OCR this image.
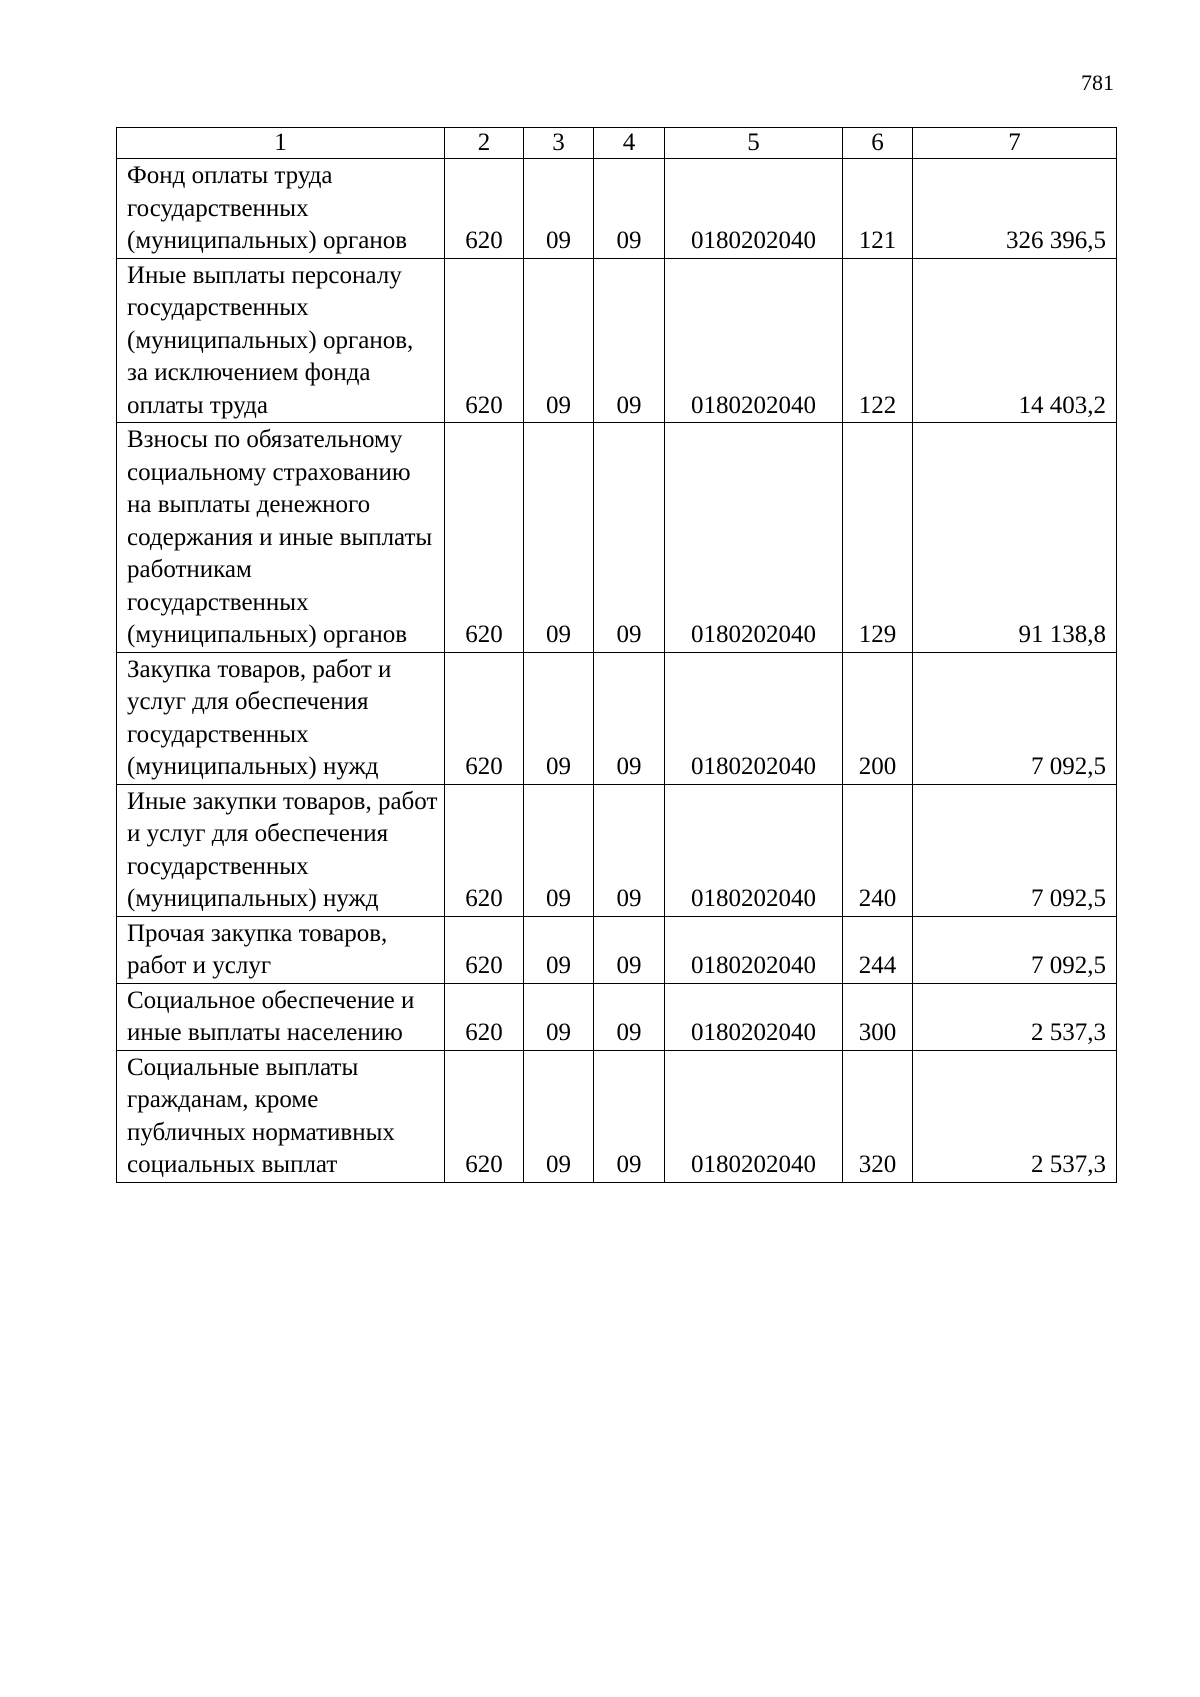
781
1	2	3	4	5	6	7
Фонд оплаты труда государственных (муниципальных) органов	620	09	09	0180202040	121	326 396,5
Иные выплаты персоналу государственных (муниципальных) органов, за исключением фонда оплаты труда	620	09	09	0180202040	122	14 403,2
Взносы по обязательному социальному страхованию на выплаты денежного содержания и иные выплаты работникам государственных (муниципальных) органов	620	09	09	0180202040	129	91 138,8
Закупка товаров, работ и услуг для обеспечения государственных (муниципальных) нужд	620	09	09	0180202040	200	7 092,5
Иные закупки товаров, работ и услуг для обеспечения государственных (муниципальных) нужд	620	09	09	0180202040	240	7 092,5
Прочая закупка товаров, работ и услуг	620	09	09	0180202040	244	7 092,5
Социальное обеспечение и иные выплаты населению	620	09	09	0180202040	300	2 537,3
Социальные выплаты гражданам, кроме публичных нормативных социальных выплат	620	09	09	0180202040	320	2 537,3
